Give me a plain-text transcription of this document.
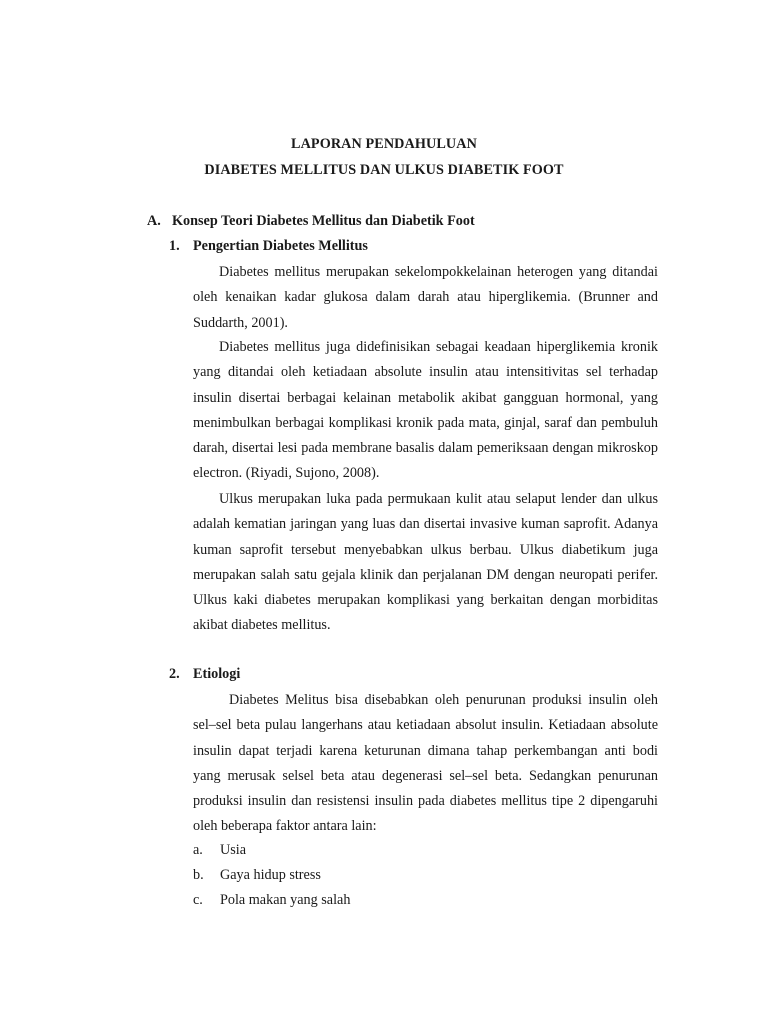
LAPORAN PENDAHULUAN
DIABETES MELLITUS DAN ULKUS DIABETIK FOOT
A. Konsep Teori Diabetes Mellitus dan Diabetik Foot
1. Pengertian Diabetes Mellitus

Diabetes mellitus merupakan sekelompokkelainan heterogen yang ditandai oleh kenaikan kadar glukosa dalam darah atau hiperglikemia. (Brunner and Suddarth, 2001).

Diabetes mellitus juga didefinisikan sebagai keadaan hiperglikemia kronik yang ditandai oleh ketiadaan absolute insulin atau intensitivitas sel terhadap insulin disertai berbagai kelainan metabolik akibat gangguan hormonal, yang menimbulkan berbagai komplikasi kronik pada mata, ginjal, saraf dan pembuluh darah, disertai lesi pada membrane basalis dalam pemeriksaan dengan mikroskop electron. (Riyadi, Sujono, 2008).

Ulkus merupakan luka pada permukaan kulit atau selaput lender dan ulkus adalah kematian jaringan yang luas dan disertai invasive kuman saprofit. Adanya kuman saprofit tersebut menyebabkan ulkus berbau. Ulkus diabetikum juga merupakan salah satu gejala klinik dan perjalanan DM dengan neuropati perifer. Ulkus kaki diabetes merupakan komplikasi yang berkaitan dengan morbiditas akibat diabetes mellitus.

2. Etiologi

Diabetes Melitus bisa disebabkan oleh penurunan produksi insulin oleh sel–sel beta pulau langerhans atau ketiadaan absolut insulin. Ketiadaan absolute insulin dapat terjadi karena keturunan dimana tahap perkembangan anti bodi yang merusak selsel beta atau degenerasi sel–sel beta. Sedangkan penurunan produksi insulin dan resistensi insulin pada diabetes mellitus tipe 2 dipengaruhi oleh beberapa faktor antara lain:

a. Usia
b. Gaya hidup stress
c. Pola makan yang salah
